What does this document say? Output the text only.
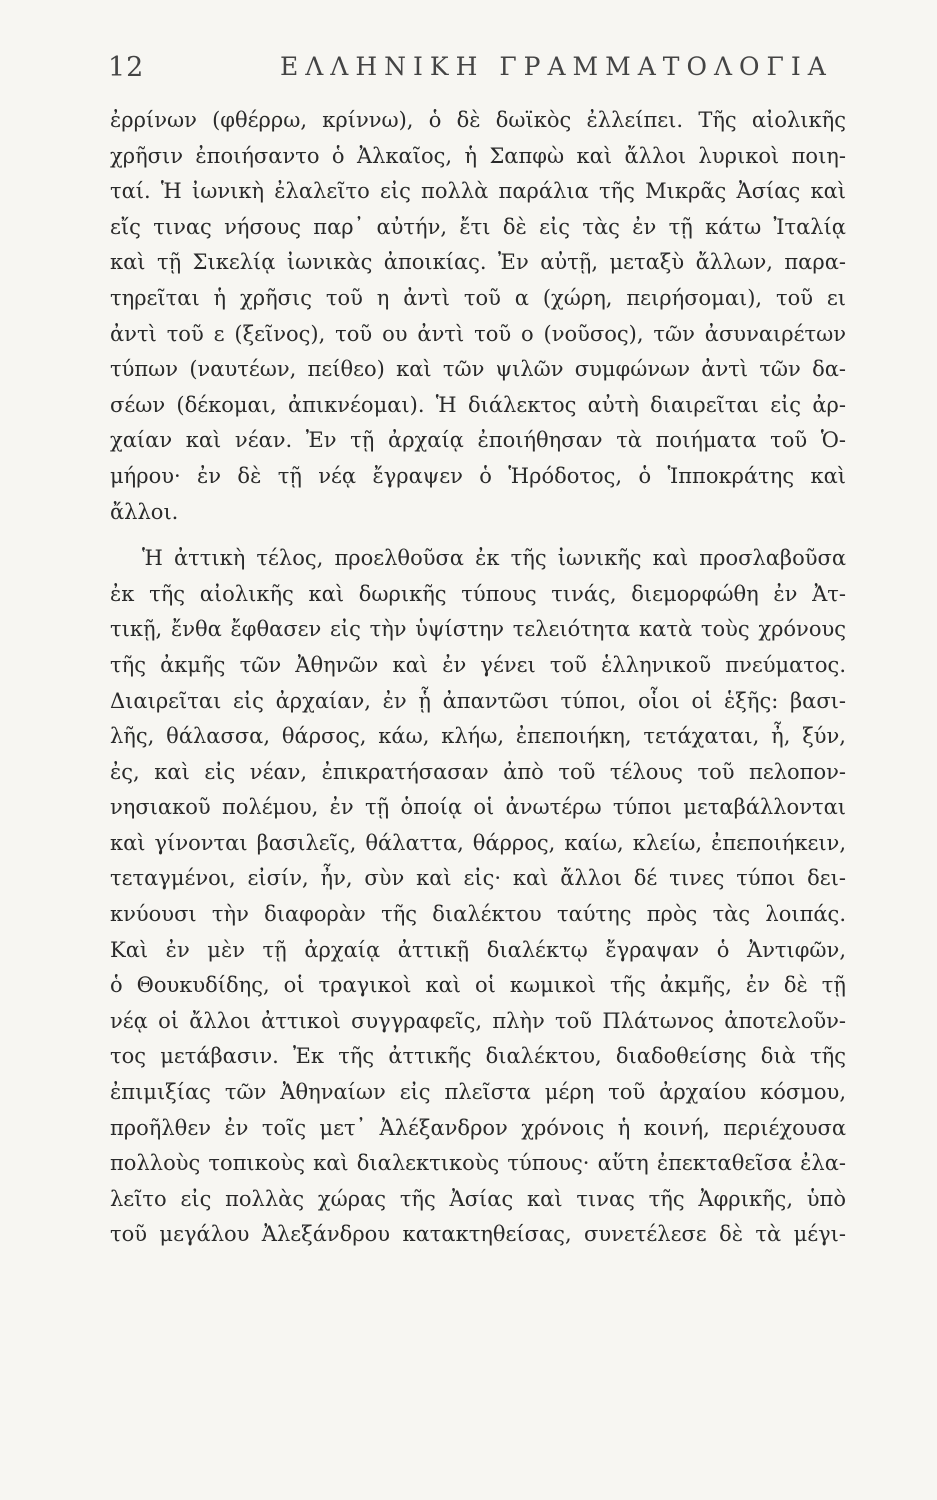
12	ΕΛΛΗΝΙΚΗ ΓΡΑΜΜΑΤΟΛΟΓΙΑ
ἐρρίνων (φθέρρω, κρίννω), ὁ δὲ δωϊκὸς ἐλλείπει. Τῆς αἰολικῆς
χρῆσιν ἐποιήσαντο ὁ Ἀλκαῖος, ἡ Σαπφὼ καὶ ἄλλοι λυρικοὶ ποιη-
ταί. Ἡ ἰωνικὴ ἐλαλεῖτο εἰς πολλὰ παράλια τῆς Μικρᾶς Ἀσίας καὶ
εἴς τινας νήσους παρ᾿ αὐτήν, ἔτι δὲ εἰς τὰς ἐν τῇ κάτω Ἰταλίᾳ
καὶ τῇ Σικελίᾳ ἰωνικὰς ἀποικίας. Ἐν αὐτῇ, μεταξὺ ἄλλων, παρα-
τηρεῖται ἡ χρῆσις τοῦ η ἀντὶ τοῦ α (χώρη, πειρήσομαι), τοῦ ει
ἀντὶ τοῦ ε (ξεῖνος), τοῦ ου ἀντὶ τοῦ ο (νοῦσος), τῶν ἀσυναιρέτων
τύπων (ναυτέων, πείθεο) καὶ τῶν ψιλῶν συμφώνων ἀντὶ τῶν δα-
σέων (δέκομαι, ἀπικνέομαι). Ἡ διάλεκτος αὐτὴ διαιρεῖται εἰς ἀρ-
χαίαν καὶ νέαν. Ἐν τῇ ἀρχαίᾳ ἐποιήθησαν τὰ ποιήματα τοῦ Ὁ-
μήρου· ἐν δὲ τῇ νέᾳ ἔγραψεν ὁ Ἡρόδοτος, ὁ Ἱπποκράτης καὶ
ἄλλοι.
Ἡ ἀττικὴ τέλος, προελθοῦσα ἐκ τῆς ἰωνικῆς καὶ προσλαβοῦσα
ἐκ τῆς αἰολικῆς καὶ δωρικῆς τύπους τινάς, διεμορφώθη ἐν Ἀτ-
τικῇ, ἔνθα ἔφθασεν εἰς τὴν ὑψίστην τελειότητα κατὰ τοὺς χρόνους
τῆς ἀκμῆς τῶν Ἀθηνῶν καὶ ἐν γένει τοῦ ἑλληνικοῦ πνεύματος.
Διαιρεῖται εἰς ἀρχαίαν, ἐν ᾗ ἀπαντῶσι τύποι, οἷοι οἱ ἑξῆς: βασι-
λῆς, θάλασσα, θάρσος, κάω, κλήω, ἐπεποιήκη, τετάχαται, ἦ, ξύν,
ἐς, καὶ εἰς νέαν, ἐπικρατήσασαν ἀπὸ τοῦ τέλους τοῦ πελοπον-
νησιακοῦ πολέμου, ἐν τῇ ὁποίᾳ οἱ ἀνωτέρω τύποι μεταβάλλονται
καὶ γίνονται βασιλεῖς, θάλαττα, θάρρος, καίω, κλείω, ἐπεποιήκειν,
τεταγμένοι, εἰσίν, ἦν, σὺν καὶ εἰς· καὶ ἄλλοι δέ τινες τύποι δει-
κνύουσι τὴν διαφορὰν τῆς διαλέκτου ταύτης πρὸς τὰς λοιπάς.
Καὶ ἐν μὲν τῇ ἀρχαίᾳ ἀττικῇ διαλέκτῳ ἔγραψαν ὁ Ἀντιφῶν,
ὁ Θουκυδίδης, οἱ τραγικοὶ καὶ οἱ κωμικοὶ τῆς ἀκμῆς, ἐν δὲ τῇ
νέᾳ οἱ ἄλλοι ἀττικοὶ συγγραφεῖς, πλὴν τοῦ Πλάτωνος ἀποτελοῦν-
τος μετάβασιν. Ἐκ τῆς ἀττικῆς διαλέκτου, διαδοθείσης διὰ τῆς
ἐπιμιξίας τῶν Ἀθηναίων εἰς πλεῖστα μέρη τοῦ ἀρχαίου κόσμου,
προῆλθεν ἐν τοῖς μετ᾿ Ἀλέξανδρον χρόνοις ἡ κοινή, περιέχουσα
πολλοὺς τοπικοὺς καὶ διαλεκτικοὺς τύπους· αὕτη ἐπεκταθεῖσα ἐλα-
λεῖτο εἰς πολλὰς χώρας τῆς Ἀσίας καὶ τινας τῆς Ἀφρικῆς, ὑπὸ
τοῦ μεγάλου Ἀλεξάνδρου κατακτηθείσας, συνετέλεσε δὲ τὰ μέγι-
